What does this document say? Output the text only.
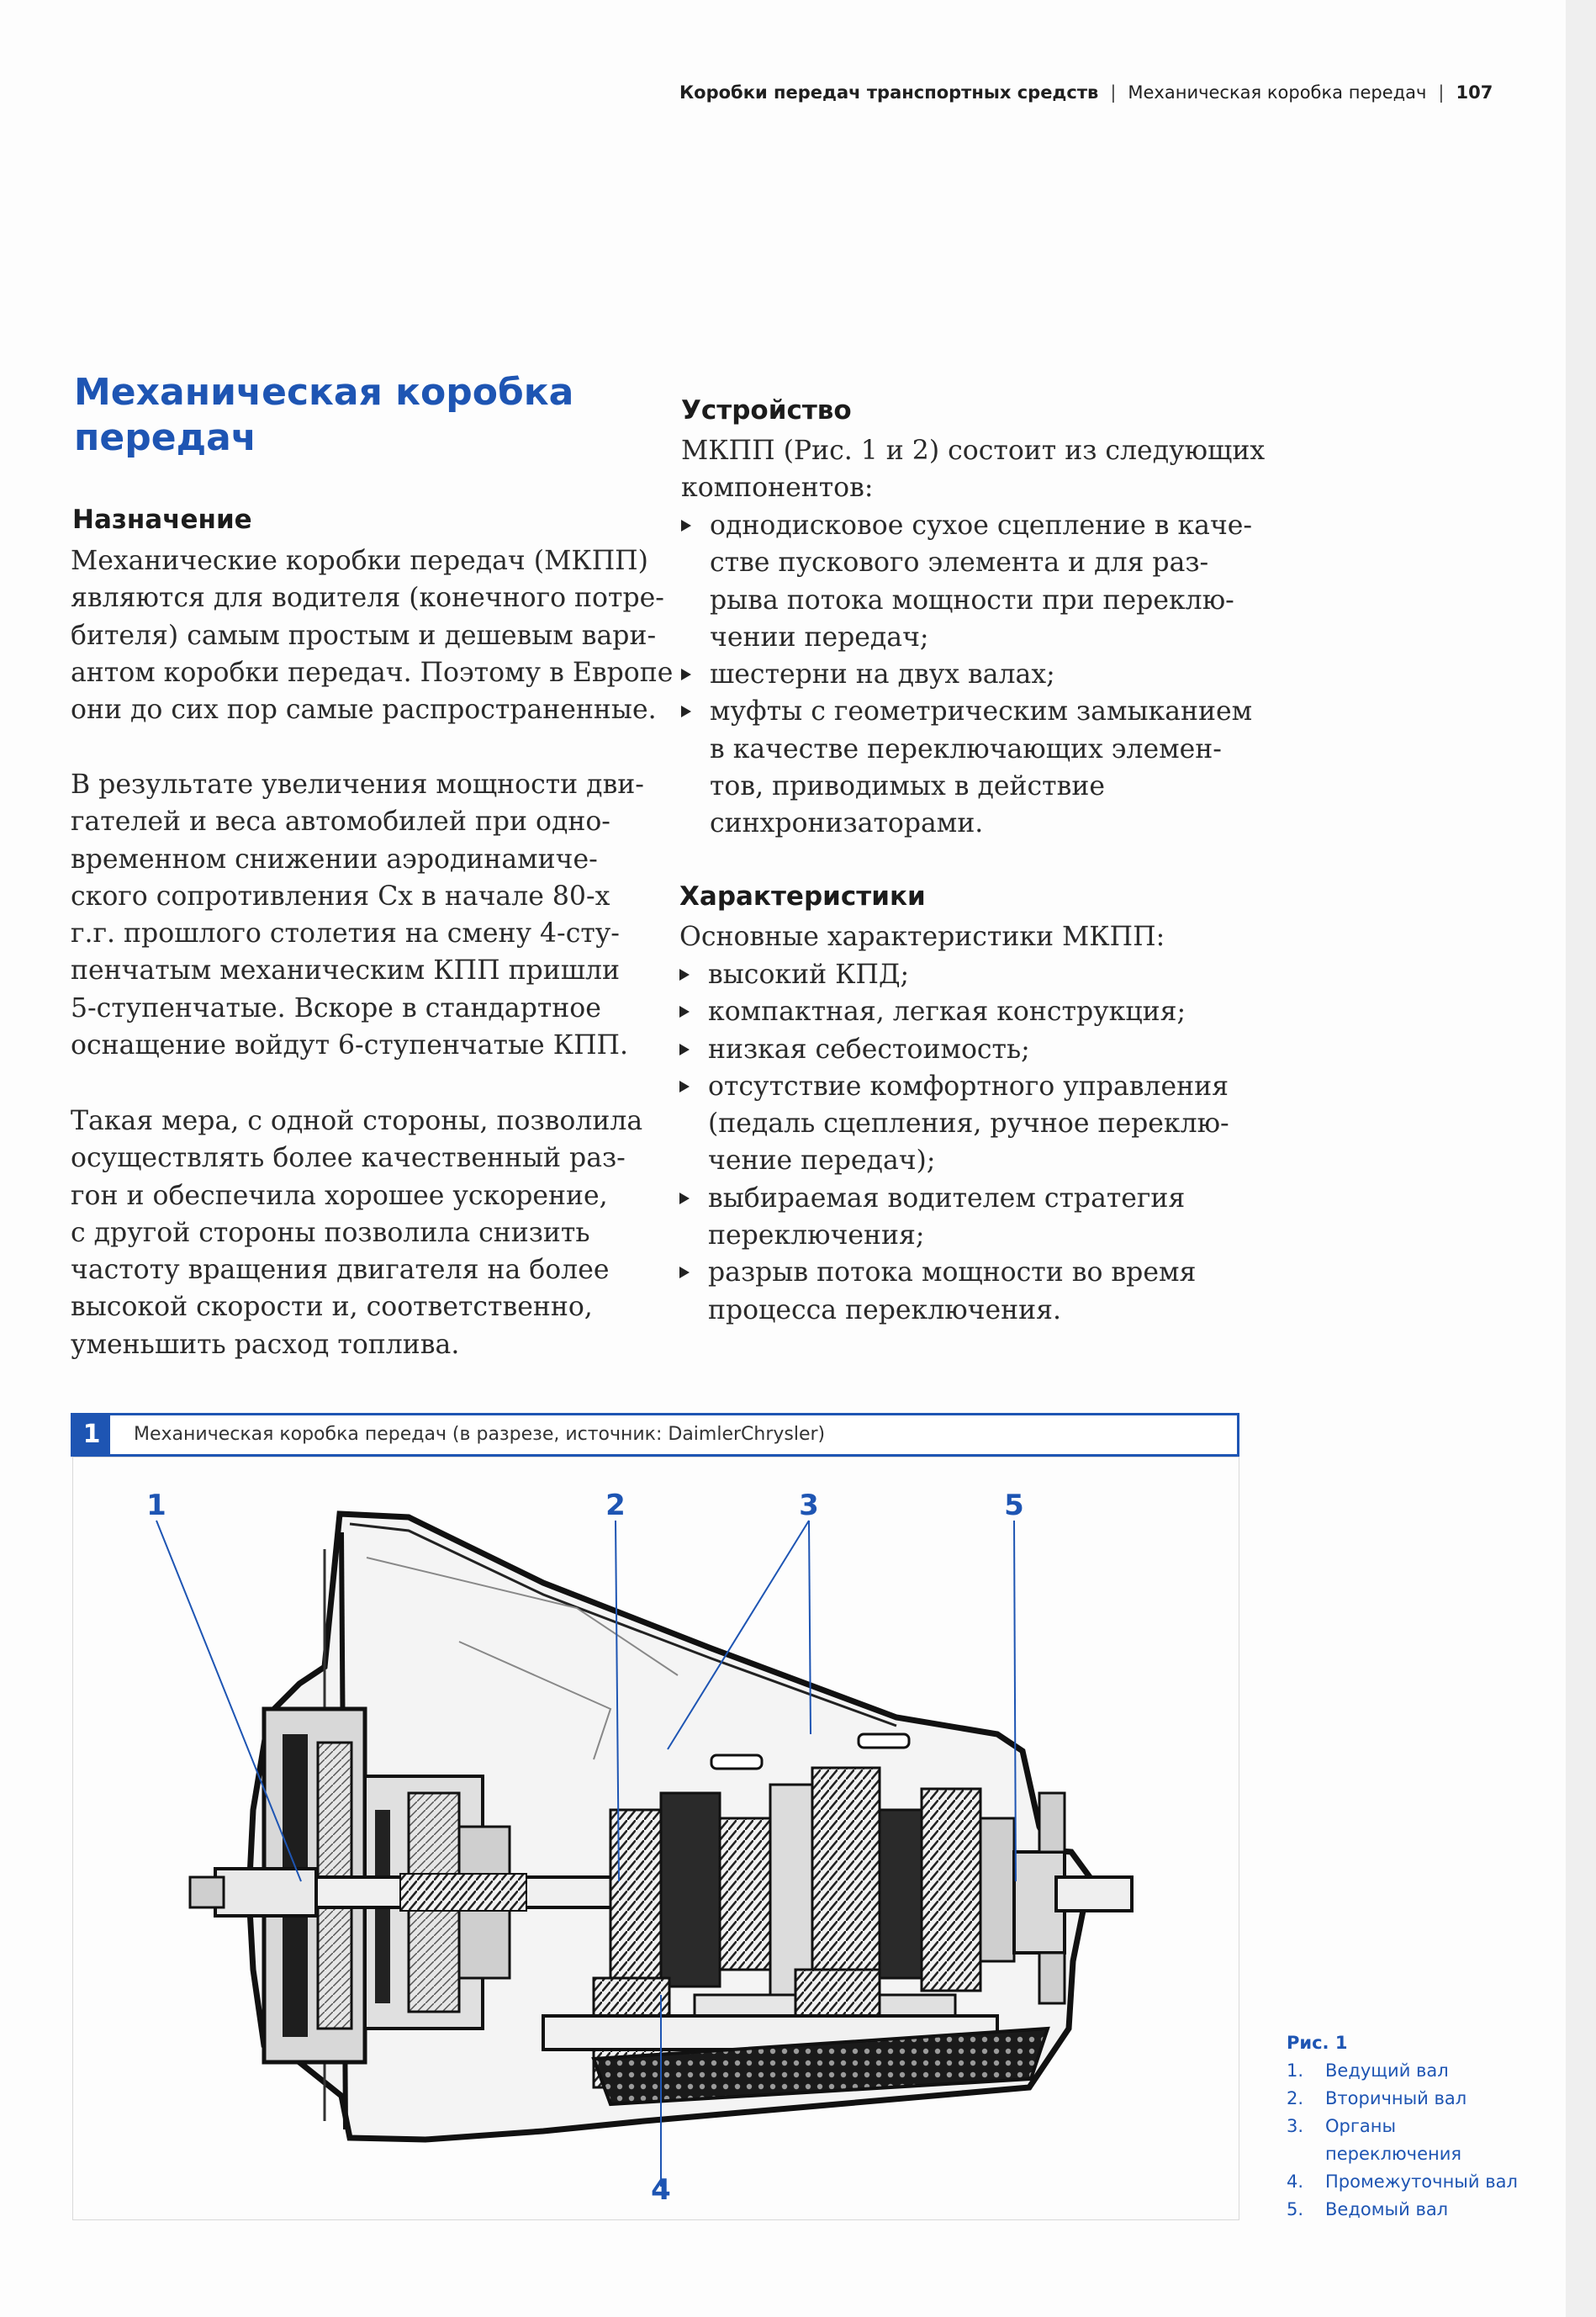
Коробки передач транспортных средств | Механическая коробка передач | 107
Механическая коробка
передач
Назначение

Механические коробки передач (МКПП)
являются для водителя (конечного потре-
бителя) самым простым и дешевым вари-
антом коробки передач. Поэтому в Европе
они до сих пор самые распространенные.

В результате увеличения мощности дви-
гателей и веса автомобилей при одно-
временном снижении аэродинамиче-
ского сопротивления Cx в начале 80-х
г.г. прошлого столетия на смену 4-сту-
пенчатым механическим КПП пришли
5-ступенчатые. Вскоре в стандартное
оснащение войдут 6-ступенчатые КПП.

Такая мера, с одной стороны, позволила
осуществлять более качественный раз-
гон и обеспечила хорошее ускорение,
с другой стороны позволила снизить
частоту вращения двигателя на более
высокой скорости и, соответственно,
уменьшить расход топлива.

Устройство

МКПП (Рис. 1 и 2) состоит из следующих
компонентов:

однодисковое сухое сцепление в каче-
стве пускового элемента и для раз-
рыва потока мощности при переклю-
чении передач;
шестерни на двух валах;
муфты с геометрическим замыканием
в качестве переключающих элемен-
тов, приводимых в действие
синхронизаторами.
Характеристики

Основные характеристики МКПП:

высокий КПД;
компактная, легкая конструкция;
низкая себестоимость;
отсутствие комфортного управления
(педаль сцепления, ручное переклю-
чение передач);
выбираемая водителем стратегия
переключения;
разрыв потока мощности во время
процесса переключения.
1	Механическая коробка передач (в разрезе, источник: DaimlerChrysler)
1	2	3	5
4
Рис. 1
1. Ведущий вал
2. Вторичный вал
3. Органы
переключения
4. Промежуточный вал
5. Ведомый вал
